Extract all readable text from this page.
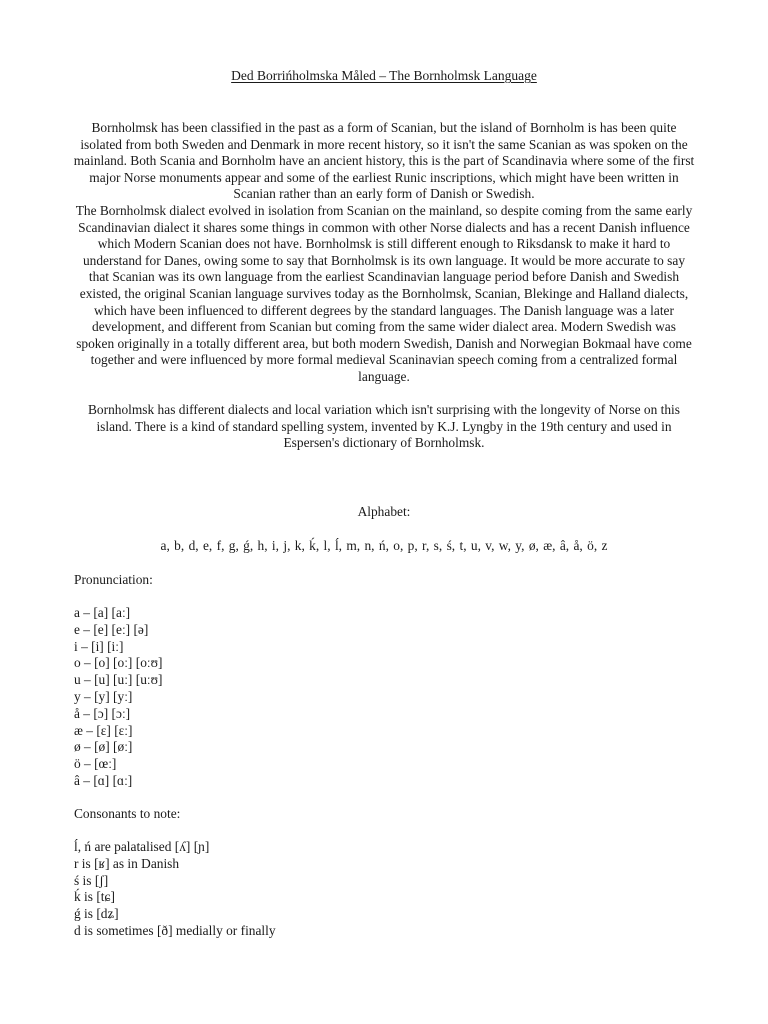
Ded Borrińholmska Måled – The Bornholmsk Language

Bornholmsk has been classified in the past as a form of Scanian, but the island of Bornholm is has been quite isolated from both Sweden and Denmark in more recent history, so it isn't the same Scanian as was spoken on the mainland. Both Scania and Bornholm have an ancient history, this is the part of Scandinavia where some of the first major Norse monuments appear and some of the earliest Runic inscriptions, which might have been written in Scanian rather than an early form of Danish or Swedish.

The Bornholmsk dialect evolved in isolation from Scanian on the mainland, so despite coming from the same early Scandinavian dialect it shares some things in common with other Norse dialects and has a recent Danish influence which Modern Scanian does not have. Bornholmsk is still different enough to Riksdansk to make it hard to understand for Danes, owing some to say that Bornholmsk is its own language. It would be more accurate to say that Scanian was its own language from the earliest Scandinavian language period before Danish and Swedish existed, the original Scanian language survives today as the Bornholmsk, Scanian, Blekinge and Halland dialects, which have been influenced to different degrees by the standard languages. The Danish language was a later development, and different from Scanian but coming from the same wider dialect area. Modern Swedish was spoken originally in a totally different area, but both modern Swedish, Danish and Norwegian Bokmaal have come together and were influenced by more formal medieval Scaninavian speech coming from a centralized formal language.

Bornholmsk has different dialects and local variation which isn't surprising with the longevity of Norse on this island. There is a kind of standard spelling system, invented by K.J. Lyngby in the 19th century and used in Espersen's dictionary of Bornholmsk.

Alphabet:
a, b, d, e, f, g, ǵ, h, i, j, k, ḱ, l, ĺ, m, n, ń, o, p, r, s, ś, t, u, v, w, y, ø, æ, â, å, ö, z
Pronunciation:
a – [a] [aː]
e – [e] [eː] [ə]
i – [i] [iː]
o – [o] [oː] [oːʊ]
u – [u] [uː] [uːʊ]
y – [y] [yː]
å – [ɔ] [ɔː]
æ – [ɛ] [ɛː]
ø – [ø] [øː]
ö – [œː]
â – [ɑ] [ɑː]
Consonants to note:
ĺ, ń are palatalised [ʎ] [ɲ]
r is [ʁ] as in Danish
ś is [ʃ]
ḱ is [tɕ]
ǵ is [dʑ]
d is sometimes [ð] medially or finally
